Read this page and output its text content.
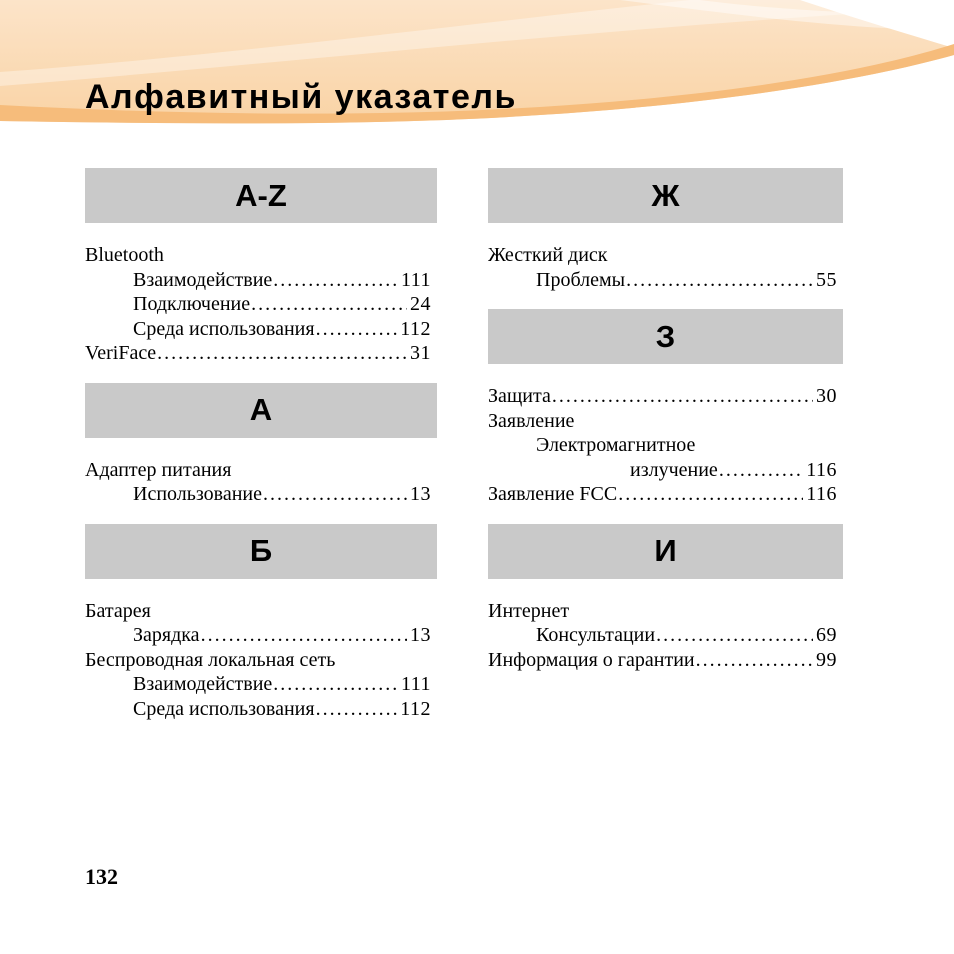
Алфавитный указатель
A-Z
Bluetooth
Взаимодействие .....	111
Подключение .....	24
Среда использования .....	112
VeriFace .....	31
А
Адаптер питания
Использование .....	13
Б
Батарея
Зарядка .....	13
Беспроводная локальная сеть
Взаимодействие .....	111
Среда использования .....	112
Ж
Жесткий диск
Проблемы .....	55
З
Защита .....	30
Заявление
Электромагнитное
излучение .....	116
Заявление FCC .....	116
И
Интернет
Консультации .....	69
Информация о гарантии .....	99
132
